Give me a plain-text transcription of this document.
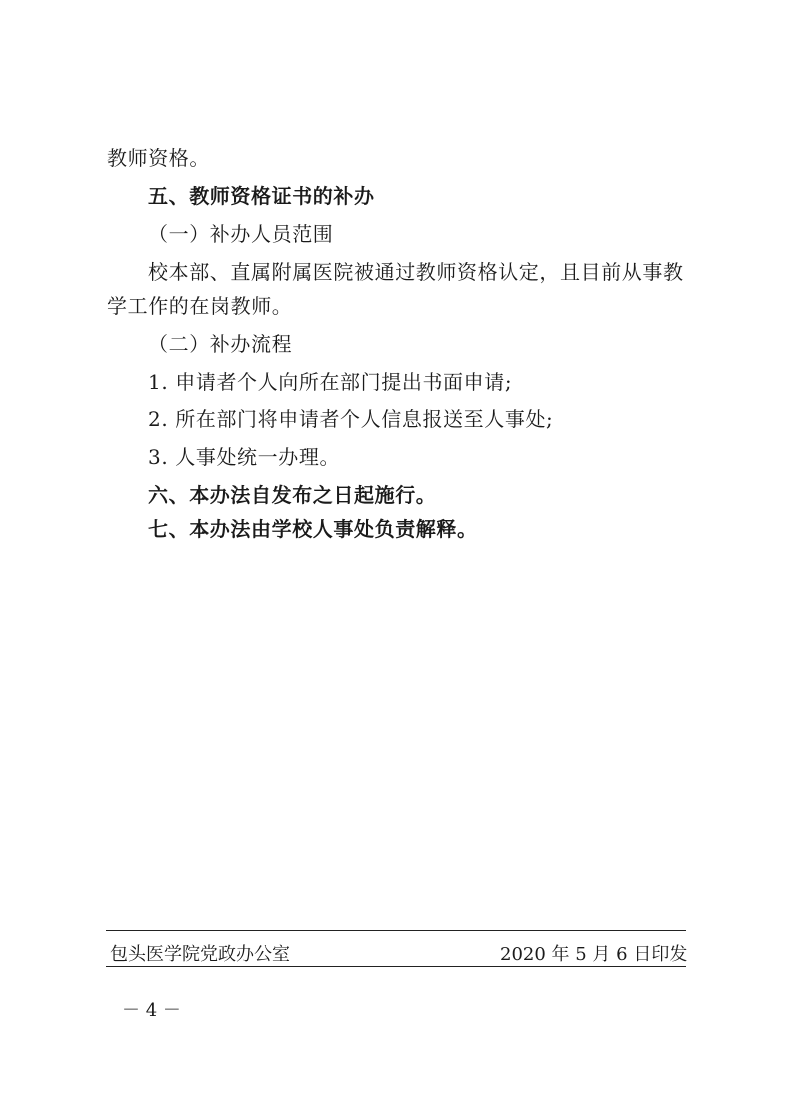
教师资格。
五、教师资格证书的补办
（一）补办人员范围
校本部、直属附属医院被通过教师资格认定，且目前从事教
学工作的在岗教师。
（二）补办流程
1. 申请者个人向所在部门提出书面申请;
2. 所在部门将申请者个人信息报送至人事处;
3. 人事处统一办理。
六、本办法自发布之日起施行。
七、本办法由学校人事处负责解释。
包头医学院党政办公室	2020 年 5 月 6 日印发
－ 4 －
